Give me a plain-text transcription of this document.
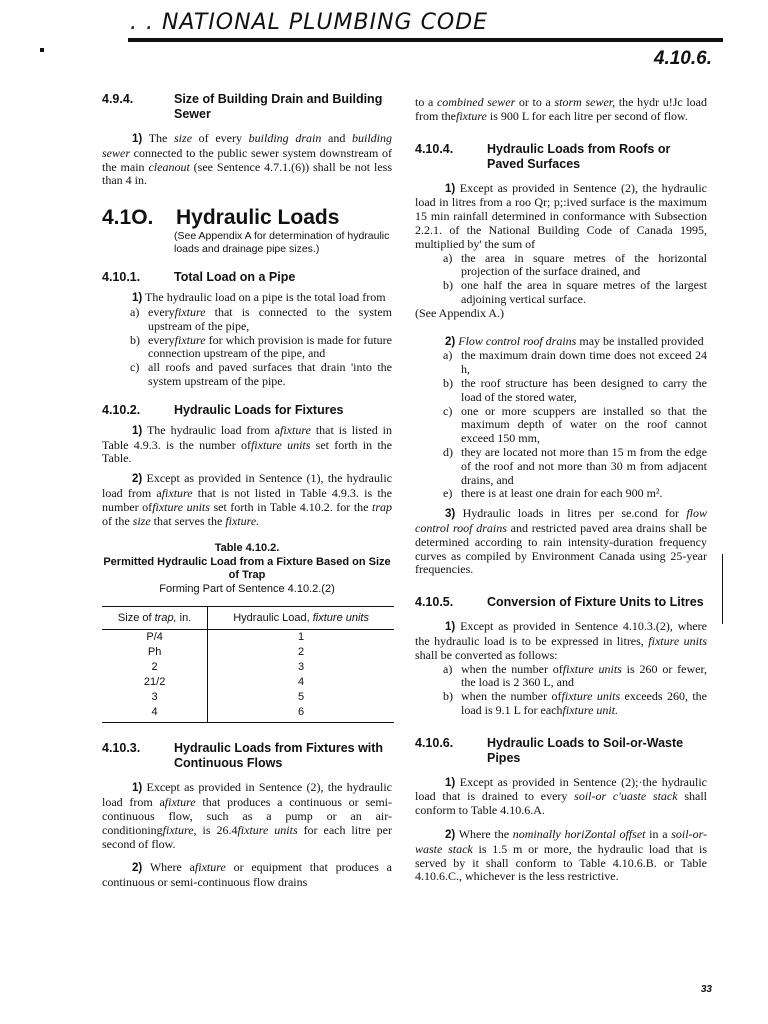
. . NATIONAL PLUMBING CODE
4.10.6.
4.9.4.	Size of Building Drain and Building Sewer

1) The size of every building drain and building sewer connected to the public sewer system downstream of the main cleanout (see Sentence 4.7.1.(6)) shall be not less than 4 in.

4.1O.	Hydraulic Loads
(See Appendix A for determination of hydraulic loads and drainage pipe sizes.)
4.10.1.	Total Load on a Pipe

1) The hydraulic load on a pipe is the total load from

a) everyfixture that is connected to the system upstream of the pipe,
b) everyfixture for which provision is made for future connection upstream of the pipe, and
c) all roofs and paved surfaces that drain 'into the system upstream of the pipe.
4.10.2.	Hydraulic Loads for Fixtures

1) The hydraulic load from afixture that is listed in Table 4.9.3. is the number offixture units set forth in the Table.

2) Except as provided in Sentence (1), the hydraulic load from afixture that is not listed in Table 4.9.3. is the number offixture units set forth in Table 4.10.2. for the trap of the size that serves the fixture.

Table 4.10.2.
Permitted Hydraulic Load from a Fixture Based on Size of Trap
Forming Part of Sentence 4.10.2.(2)
Size of trap, in.	Hydraulic Load, fixture units
P/4	1
Ph	2
2	3
21/2	4
3	5
4	6
4.10.3.	Hydraulic Loads from Fixtures with Continuous Flows

1) Except as provided in Sentence (2), the hydraulic load from afixture that produces a continuous or semi-continuous flow, such as a pump or an air-conditioningfixture, is 26.4fixture units for each litre per second of flow.

2) Where afixture or equipment that produces a continuous or semi-continuous flow drains

to a combined sewer or to a storm sewer, the hydr u!Jc load from thefixture is 900 L for each litre per second of flow.

4.10.4.	Hydraulic Loads from Roofs or Paved Surfaces

1) Except as provided in Sentence (2), the hydraulic load in litres from a roo Qr; p;:ived surface is the maximum 15 min rainfall determined in conformance with Subsection 2.2.1. of the National Building Code of Canada 1995, multiplied by' the sum of

a) the area in square metres of the horizontal projection of the surface drained, and
b) one half the area in square metres of the largest adjoining vertical surface.

(See Appendix A.)

2) Flow control roof drains may be installed provided

a) the maximum drain down time does not exceed 24 h,
b) the roof structure has been designed to carry the load of the stored water,
c) one or more scuppers are installed so that the maximum depth of water on the roof cannot exceed 150 mm,
d) they are located not more than 15 m from the edge of the roof and not more than 30 m from adjacent drains, and
e) there is at least one drain for each 900 m².

3) Hydraulic loads in litres per se.cond for flow control roof drains and restricted paved area drains shall be determined according to rain intensity-duration frequency curves as compiled by Environment Canada using 25-year frequencies.

4.10.5.	Conversion of Fixture Units to Litres

1) Except as provided in Sentence 4.10.3.(2), where the hydraulic load is to be expressed in litres, fixture units shall be converted as follows:

a) when the number offixture units is 260 or fewer, the load is 2 360 L, and
b) when the number offixture units exceeds 260, the load is 9.1 L for eachfixture unit.
4.10.6.	Hydraulic Loads to Soil-or-Waste Pipes

1) Except as provided in Sentence (2);·the hydraulic load that is drained to every soil-or c'uaste stack shall conform to Table 4.10.6.A.

2) Where the nominally horiZontal offset in a soil-or-waste stack is 1.5 m or more, the hydraulic load that is served by it shall conform to Table 4.10.6.B. or Table 4.10.6.C., whichever is the less restrictive.

33
